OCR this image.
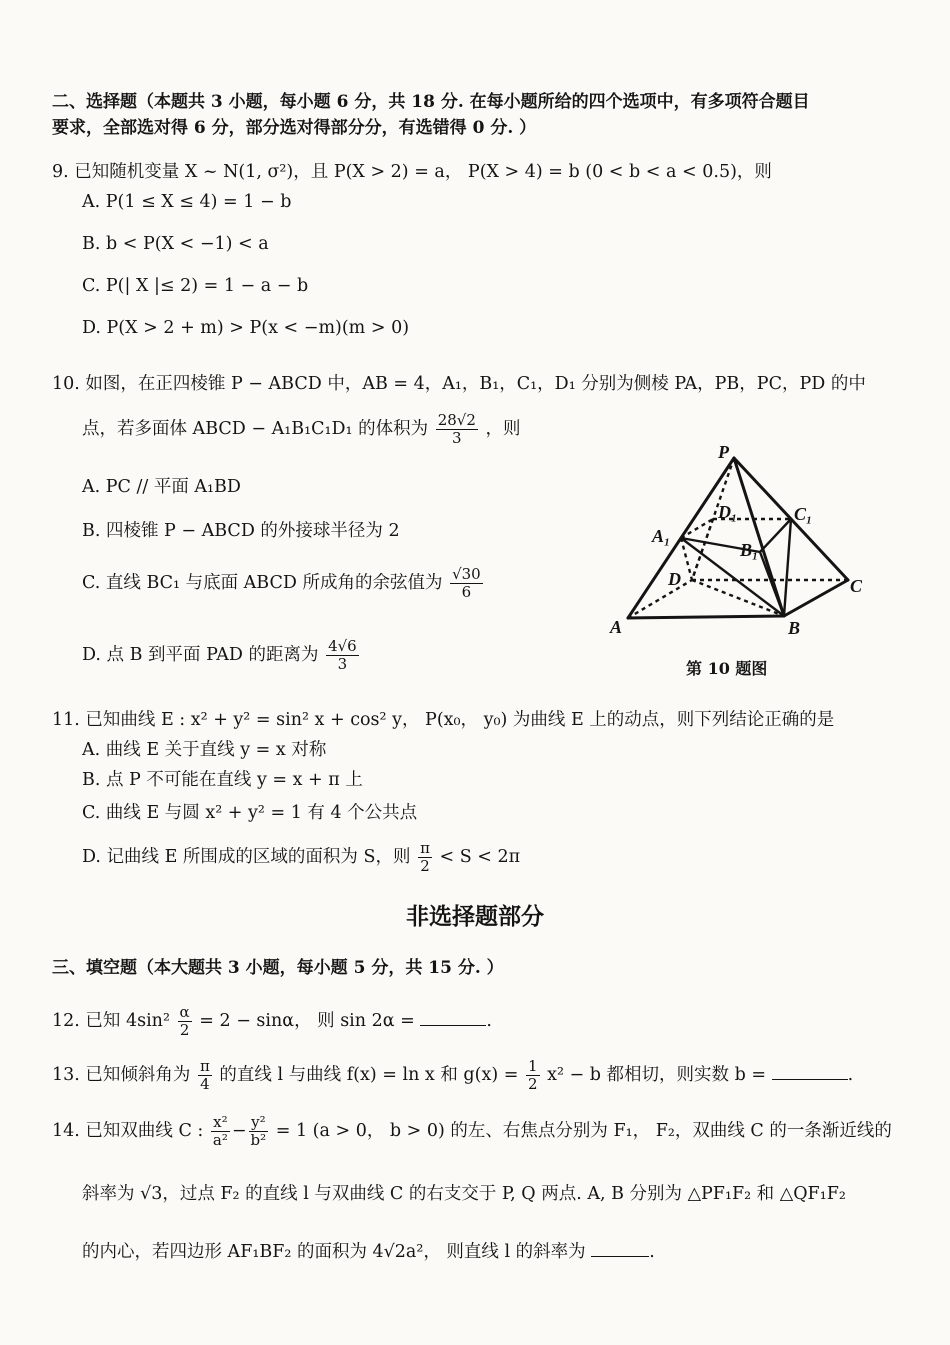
二、选择题（本题共 3 小题，每小题 6 分，共 18 分. 在每小题所给的四个选项中，有多项符合题目
要求，全部选对得 6 分，部分选对得部分分，有选错得 0 分. ）
9. 已知随机变量 X ~ N(1, σ²)，且 P(X > 2) = a， P(X > 4) = b (0 < b < a < 0.5)，则
A. P(1 ≤ X ≤ 4) = 1 − b
B. b < P(X < −1) < a
C. P(| X |≤ 2) = 1 − a − b
D. P(X > 2 + m) > P(x < −m)(m > 0)
10. 如图，在正四棱锥 P − ABCD 中，AB = 4，A₁，B₁，C₁，D₁ 分别为侧棱 PA，PB，PC，PD 的中
点，若多面体 ABCD − A₁B₁C₁D₁ 的体积为 $\frac{28√2}{3}$ ，则
A. PC // 平面 A₁BD
B. 四棱锥 P − ABCD 的外接球半径为 2
C. 直线 BC₁ 与底面 ABCD 所成角的余弦值为 $\frac{√30}{6}$
D. 点 B 到平面 PAD 的距离为 $\frac{4√6}{3}$
P
D₁	C₁
A₁
B₁
D	C
A	B
第 10 题图
11. 已知曲线 E : x² + y² = sin² x + cos² y， P(x₀， y₀) 为曲线 E 上的动点，则下列结论正确的是
A. 曲线 E 关于直线 y = x 对称
B. 点 P 不可能在直线 y = x + π 上
C. 曲线 E 与圆 x² + y² = 1 有 4 个公共点
D. 记曲线 E 所围成的区域的面积为 S，则 $\frac{\pi}{2} < S < 2\pi$
非选择题部分
三、填空题（本大题共 3 小题，每小题 5 分，共 15 分. ）
12. 已知 $4\sin^2 \frac{\alpha}{2} = 2 - \sin\alpha$， 则 sin 2α =	.
13. 已知倾斜角为 $\frac{\pi}{4}$ 的直线 l 与曲线 f(x) = ln x 和 $g(x) = \frac{1}{2} x^2 - b$ 都相切，则实数 b =	.
14. 已知双曲线 C : $\frac{\text{x²}}{\text{a²}} - \frac{\text{y²}}{\text{b²}} = 1$ (a > 0， b > 0) 的左、右焦点分别为 F₁， F₂，双曲线 C 的一条渐近线的
斜率为 √3，过点 F₂ 的直线 l 与双曲线 C 的右支交于 P, Q 两点. A, B 分别为 △PF₁F₂ 和 △QF₁F₂
的内心，若四边形 AF₁BF₂ 的面积为 4√2a²， 则直线 l 的斜率为	.
